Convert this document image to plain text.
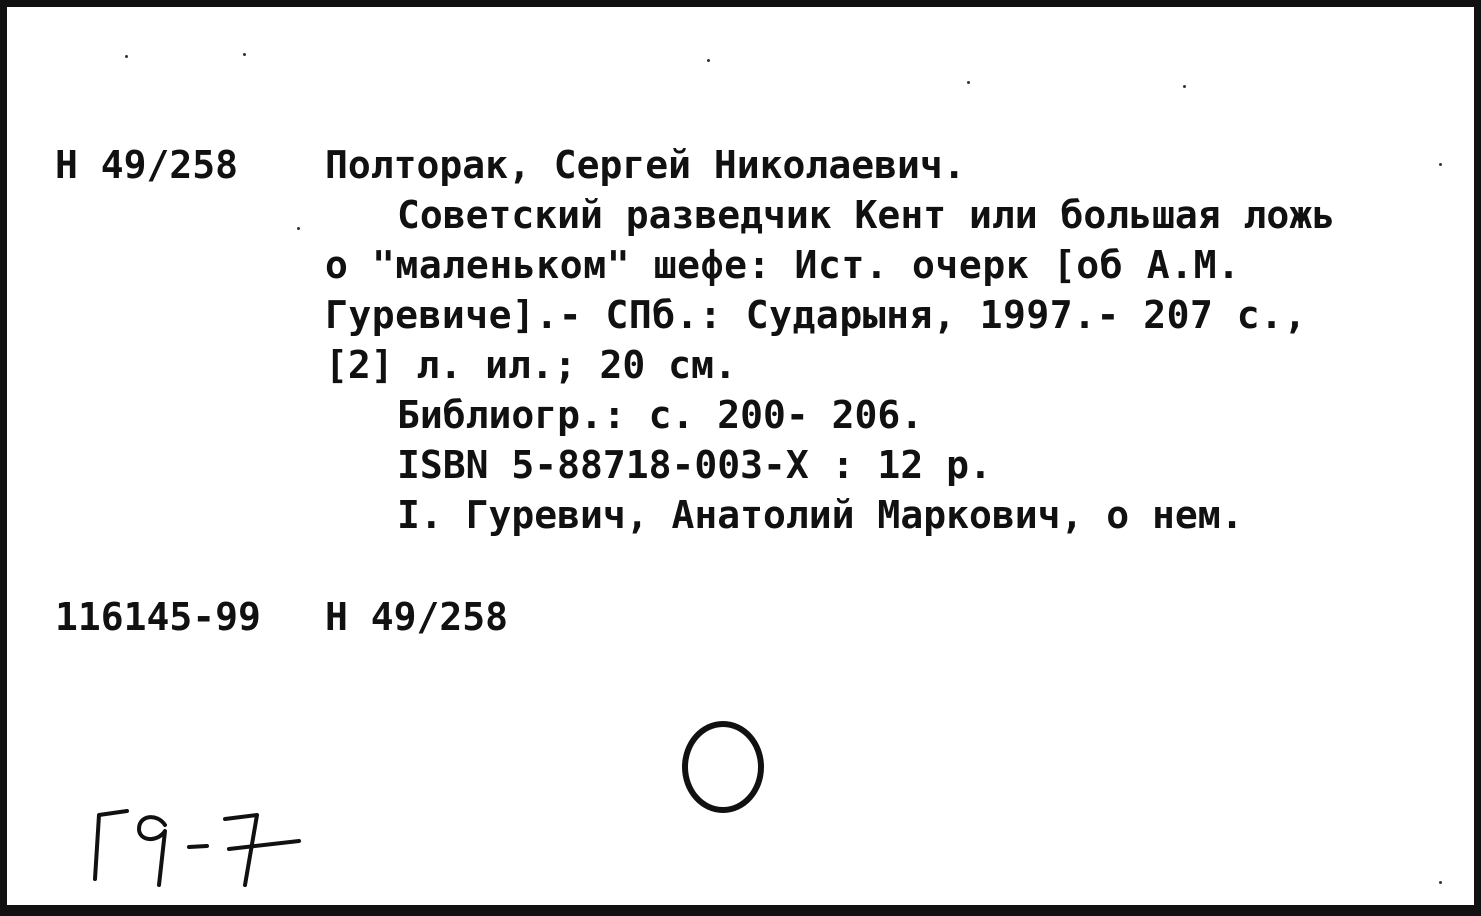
Н 49/258 Полторак, Сергей Николаевич.
Советский разведчик Кент или большая ложь
о "маленьком" шефе: Ист. очерк [об А.М.
Гуревиче].- СПб.: Сударыня, 1997.- 207 с.,
[2] л. ил.; 20 см.
Библиогр.: с. 200- 206.
ISBN 5-88718-003-X : 12 р.
I. Гуревич, Анатолий Маркович, о нем.
116145-99 Н 49/258
